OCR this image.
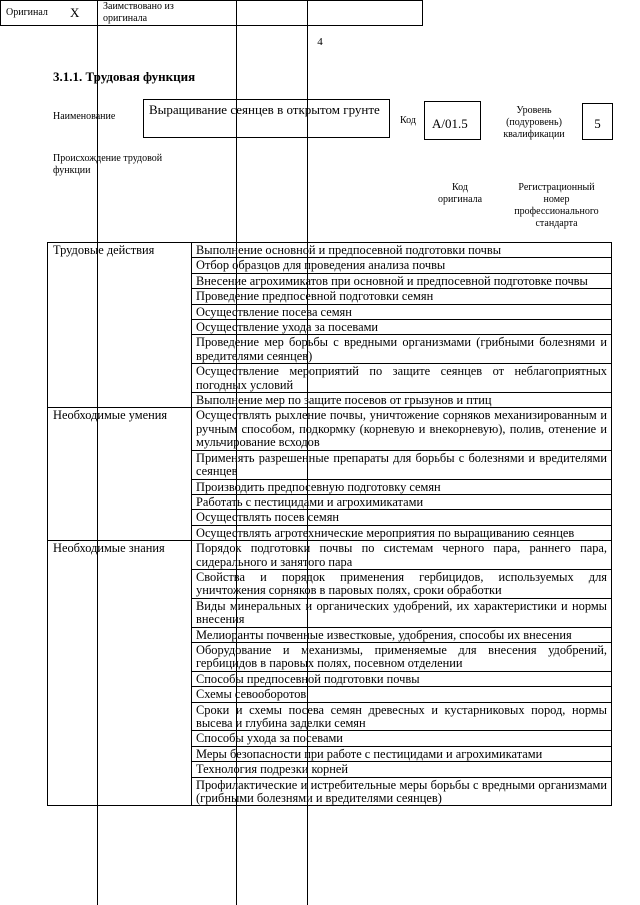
4
3.1.1. Трудовая функция
Наименование	Выращивание сеянцев в открытом грунте
Код	А/01.5
Уровень
(подуровень)
квалификации
5
Происхождение трудовой
функции
Оригинал X Заимствовано из
оригинала
Код
оригинала
Регистрационный
номер
профессионального
стандарта
Трудовые действия	Выполнение основной и предпосевной подготовки почвы
	Отбор образцов для проведения анализа почвы
	Внесение агрохимикатов при основной и предпосевной подготовке почвы
	Проведение предпосевной подготовки семян
	Осуществление посева семян
	Осуществление ухода за посевами
	Проведение мер борьбы с вредными организмами (грибными болезнями и вредителями сеянцев)
	Осуществление мероприятий по защите сеянцев от неблагоприятных погодных условий
	Выполнение мер по защите посевов от грызунов и птиц
Необходимые умения	Осуществлять рыхление почвы, уничтожение сорняков механизированным и ручным способом, подкормку (корневую и внекорневую), полив, отенение и мульчирование всходов
	Применять разрешенные препараты для борьбы с болезнями и вредителями сеянцев
	Производить предпосевную подготовку семян
	Работать с пестицидами и агрохимикатами
	Осуществлять посев семян
	Осуществлять агротехнические мероприятия по выращиванию сеянцев
Необходимые знания	Порядок подготовки почвы по системам черного пара, раннего пара, сидерального и занятого пара
	Свойства и порядок применения гербицидов, используемых для уничтожения сорняков в паровых полях, сроки обработки
	Виды минеральных и органических удобрений, их характеристики и нормы внесения
	Мелиоранты почвенные известковые, удобрения, способы их внесения
	Оборудование и механизмы, применяемые для внесения удобрений, гербицидов в паровых полях, посевном отделении
	Способы предпосевной подготовки почвы
	Схемы севооборотов
	Сроки и схемы посева семян древесных и кустарниковых пород, нормы высева и глубина заделки семян
	Способы ухода за посевами
	Меры безопасности при работе с пестицидами и агрохимикатами
	Технология подрезки корней
	Профилактические и истребительные меры борьбы с вредными организмами (грибными болезнями и вредителями сеянцев)
